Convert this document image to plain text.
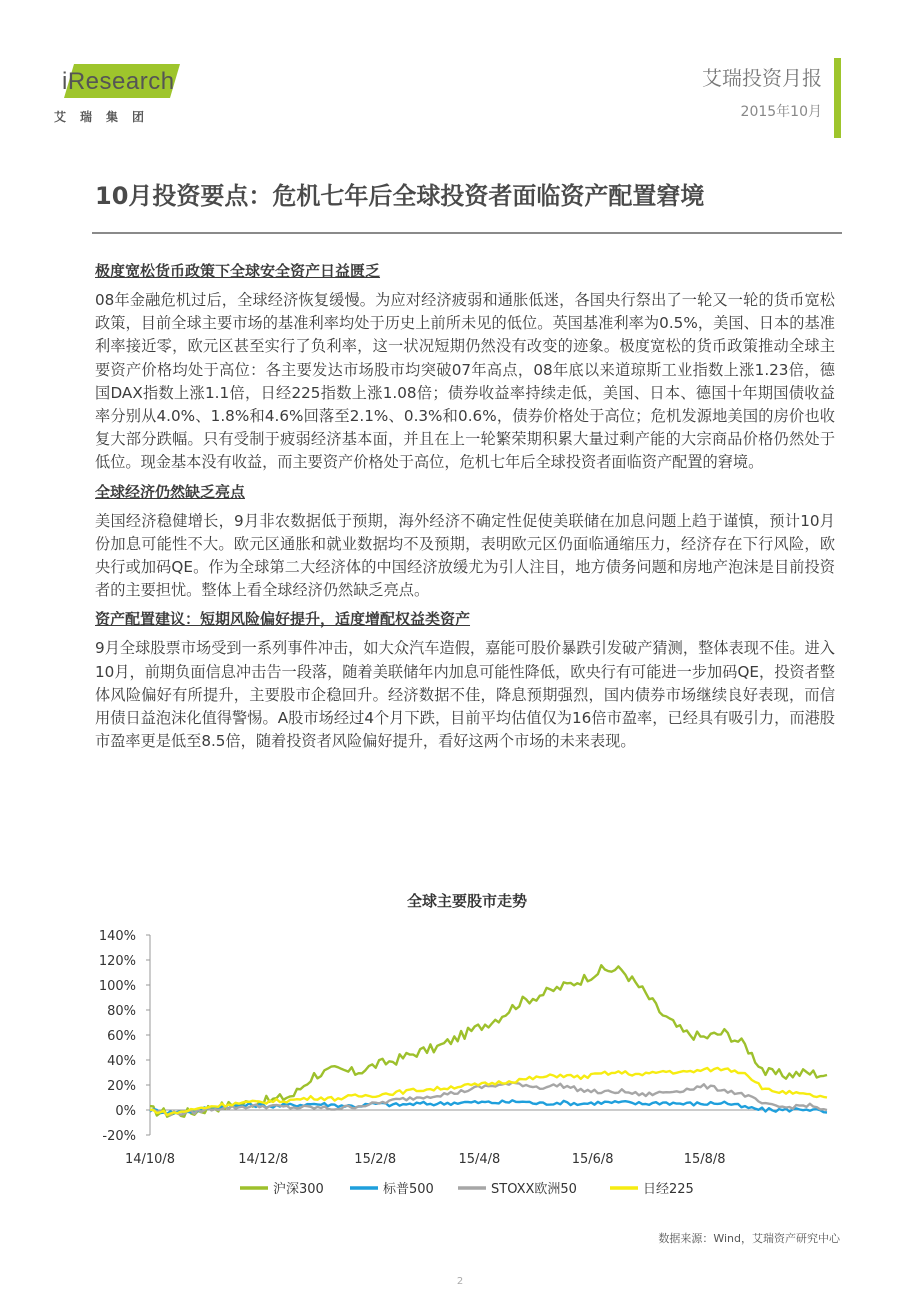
iResearch
艾瑞集团
艾瑞投资月报
2015年10月
10月投资要点：危机七年后全球投资者面临资产配置窘境
极度宽松货币政策下全球安全资产日益匮乏

08年金融危机过后，全球经济恢复缓慢。为应对经济疲弱和通胀低迷，各国央行祭出了一轮又一轮的货币宽松政策，目前全球主要市场的基准利率均处于历史上前所未见的低位。英国基准利率为0.5%，美国、日本的基准利率接近零，欧元区甚至实行了负利率，这一状况短期仍然没有改变的迹象。极度宽松的货币政策推动全球主要资产价格均处于高位：各主要发达市场股市均突破07年高点，08年底以来道琼斯工业指数上涨1.23倍，德国DAX指数上涨1.1倍，日经225指数上涨1.08倍；债券收益率持续走低，美国、日本、德国十年期国债收益率分别从4.0%、1.8%和4.6%回落至2.1%、0.3%和0.6%，债券价格处于高位；危机发源地美国的房价也收复大部分跌幅。只有受制于疲弱经济基本面，并且在上一轮繁荣期积累大量过剩产能的大宗商品价格仍然处于低位。现金基本没有收益，而主要资产价格处于高位，危机七年后全球投资者面临资产配置的窘境。

全球经济仍然缺乏亮点

美国经济稳健增长，9月非农数据低于预期，海外经济不确定性促使美联储在加息问题上趋于谨慎，预计10月份加息可能性不大。欧元区通胀和就业数据均不及预期，表明欧元区仍面临通缩压力，经济存在下行风险，欧央行或加码QE。作为全球第二大经济体的中国经济放缓尤为引人注目，地方债务问题和房地产泡沫是目前投资者的主要担忧。整体上看全球经济仍然缺乏亮点。

资产配置建议：短期风险偏好提升，适度增配权益类资产

9月全球股票市场受到一系列事件冲击，如大众汽车造假，嘉能可股价暴跌引发破产猜测，整体表现不佳。进入10月，前期负面信息冲击告一段落，随着美联储年内加息可能性降低，欧央行有可能进一步加码QE，投资者整体风险偏好有所提升，主要股市企稳回升。经济数据不佳，降息预期强烈，国内债券市场继续良好表现，而信用债日益泡沫化值得警惕。A股市场经过4个月下跌，目前平均估值仅为16倍市盈率，已经具有吸引力，而港股市盈率更是低至8.5倍，随着投资者风险偏好提升，看好这两个市场的未来表现。

全球主要股市走势
-20%
0%
20%
40%
60%
80%
100%
120%
140%
14/10/8	14/12/8	15/2/8	15/4/8	15/6/8	15/8/8
沪深300	标普500	STOXX欧洲50	日经225
数据来源：Wind，艾瑞资产研究中心
2
